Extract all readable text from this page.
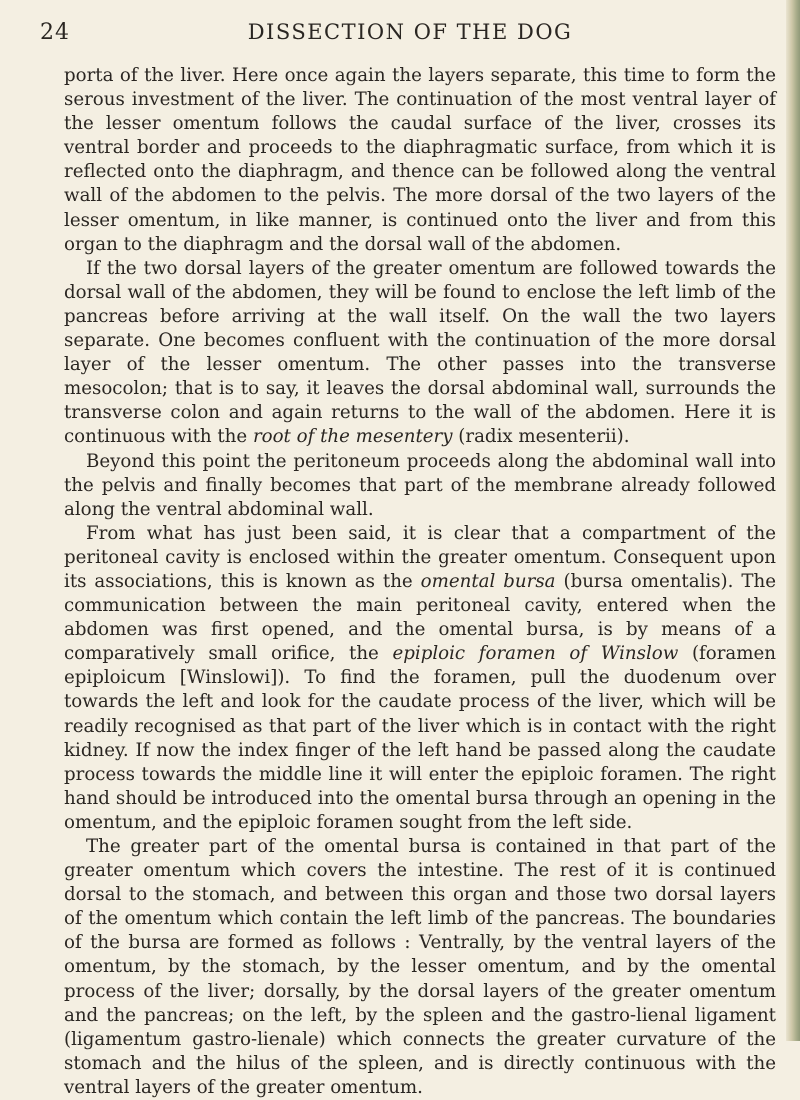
24	DISSECTION OF THE DOG

porta of the liver. Here once again the layers separate, this time to form the serous investment of the liver. The continuation of the most ventral layer of the lesser omentum follows the caudal surface of the liver, crosses its ventral border and proceeds to the diaphragmatic surface, from which it is reflected onto the diaphragm, and thence can be followed along the ventral wall of the abdomen to the pelvis. The more dorsal of the two layers of the lesser omentum, in like manner, is continued onto the liver and from this organ to the diaphragm and the dorsal wall of the abdomen.

If the two dorsal layers of the greater omentum are followed towards the dorsal wall of the abdomen, they will be found to enclose the left limb of the pancreas before arriving at the wall itself. On the wall the two layers separate. One becomes confluent with the continuation of the more dorsal layer of the lesser omentum. The other passes into the transverse mesocolon; that is to say, it leaves the dorsal abdominal wall, surrounds the transverse colon and again returns to the wall of the abdomen. Here it is continuous with the root of the mesentery (radix mesenterii).

Beyond this point the peritoneum proceeds along the abdominal wall into the pelvis and finally becomes that part of the membrane already followed along the ventral abdominal wall.

From what has just been said, it is clear that a compartment of the peritoneal cavity is enclosed within the greater omentum. Consequent upon its associations, this is known as the omental bursa (bursa omentalis). The communication between the main peritoneal cavity, entered when the abdomen was first opened, and the omental bursa, is by means of a comparatively small orifice, the epiploic foramen of Winslow (foramen epiploicum [Winslowi]). To find the foramen, pull the duodenum over towards the left and look for the caudate process of the liver, which will be readily recognised as that part of the liver which is in contact with the right kidney. If now the index finger of the left hand be passed along the caudate process towards the middle line it will enter the epiploic foramen. The right hand should be introduced into the omental bursa through an opening in the omentum, and the epiploic foramen sought from the left side.

The greater part of the omental bursa is contained in that part of the greater omentum which covers the intestine. The rest of it is continued dorsal to the stomach, and between this organ and those two dorsal layers of the omentum which contain the left limb of the pancreas. The boundaries of the bursa are formed as follows : Ventrally, by the ventral layers of the omentum, by the stomach, by the lesser omentum, and by the omental process of the liver; dorsally, by the dorsal layers of the greater omentum and the pancreas; on the left, by the spleen and the gastro-lienal ligament (ligamentum gastro-lienale) which connects the greater curvature of the stomach and the hilus of the spleen, and is directly continuous with the ventral layers of the greater omentum.
